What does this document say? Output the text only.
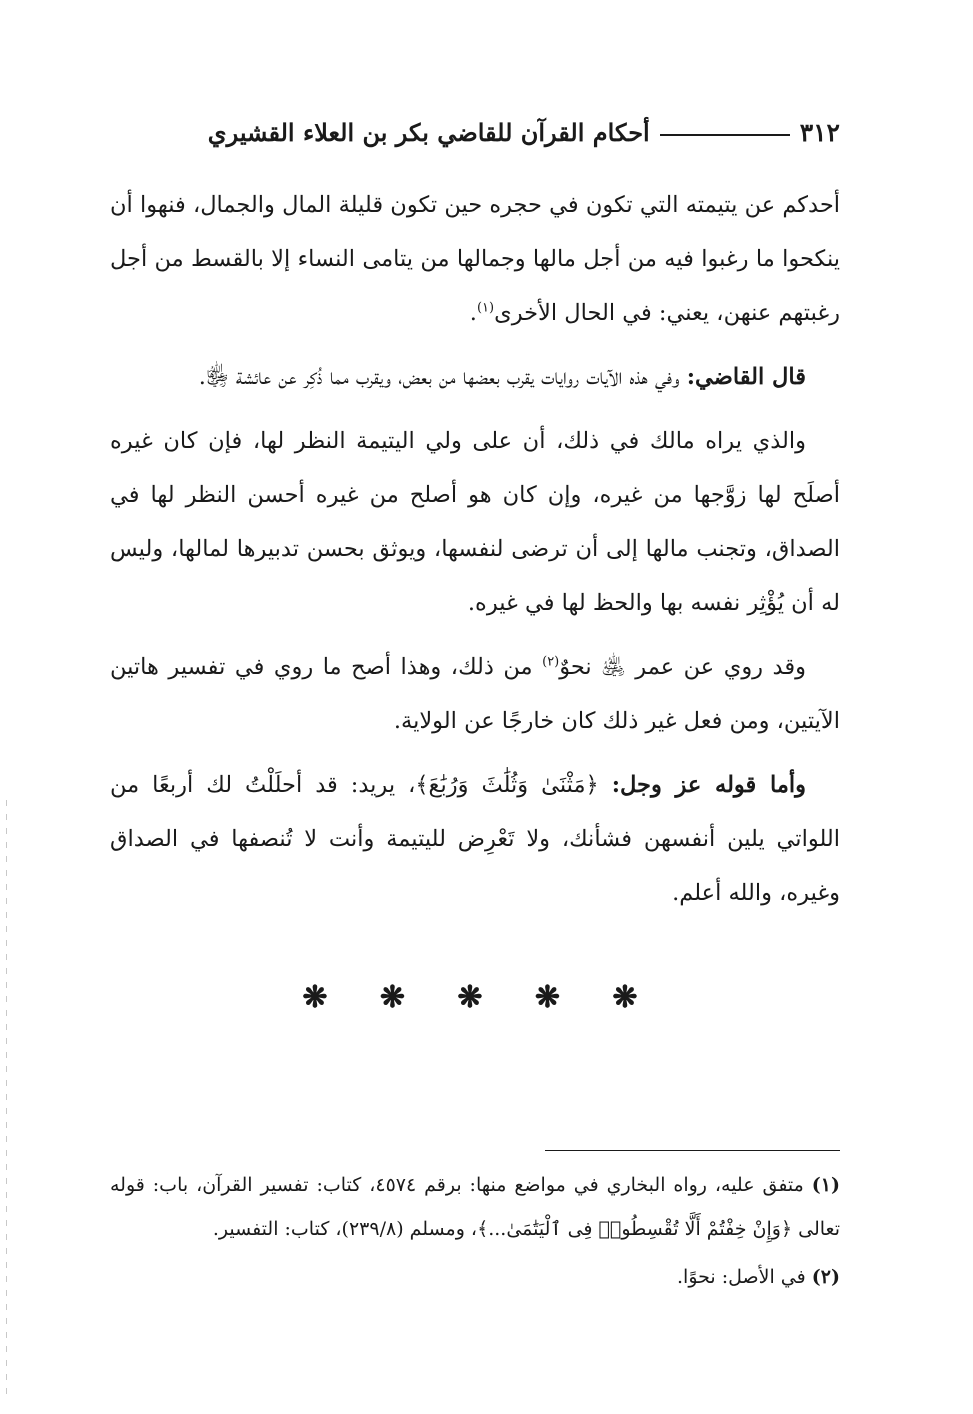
٣١٢
أحكام القرآن للقاضي بكر بن العلاء القشيري

أحدكم عن يتيمته التي تكون في حجره حين تكون قليلة المال والجمال، فنهوا أن ينكحوا ما رغبوا فيه من أجل مالها وجمالها من يتامى النساء إلا بالقسط من أجل رغبتهم عنهن، يعني: في الحال الأخرى$^{(١)}$.

قال القاضي: وفي هذه الآيات روايات يقرب بعضها من بعض، ويقرب مما ذُكِر عن عائشة ﵂.

والذي يراه مالك في ذلك، أن على ولي اليتيمة النظر لها، فإن كان غيره أصلَح لها زوَّجها من غيره، وإن كان هو أصلح من غيره أحسن النظر لها في الصداق، وتجنب مالها إلى أن ترضى لنفسها، ويوثق بحسن تدبيرها لمالها، وليس له أن يُؤْثِر نفسه بها والحظ لها في غيره.

وقد روي عن عمر ﵁ نحوٌ$^{(٢)}$ من ذلك، وهذا أصح ما روي في تفسير هاتين الآيتين، ومن فعل غير ذلك كان خارجًا عن الولاية.

وأما قوله عز وجل: ﴿مَثْنَىٰ وَثُلَٰثَ وَرُبَٰعَ﴾، يريد: قد أحلَلْتُ لك أربعًا من اللواتي يلين أنفسهن فشأنك، ولا تَعْرِض لليتيمة وأنت لا تُنصفها في الصداق وغيره، والله أعلم.

❋
❋
❋
❋
❋

(١) متفق عليه، رواه البخاري في مواضع منها: برقم ٤٥٧٤، كتاب: تفسير القرآن، باب: قوله تعالى ﴿وَإِنْ خِفْتُمْ أَلَّا تُقْسِطُوا۟ فِى ٱلْيَتَٰمَىٰ...﴾، ومسلم (٢٣٩/٨)، كتاب: التفسير.

(٢) في الأصل: نحوًا.
